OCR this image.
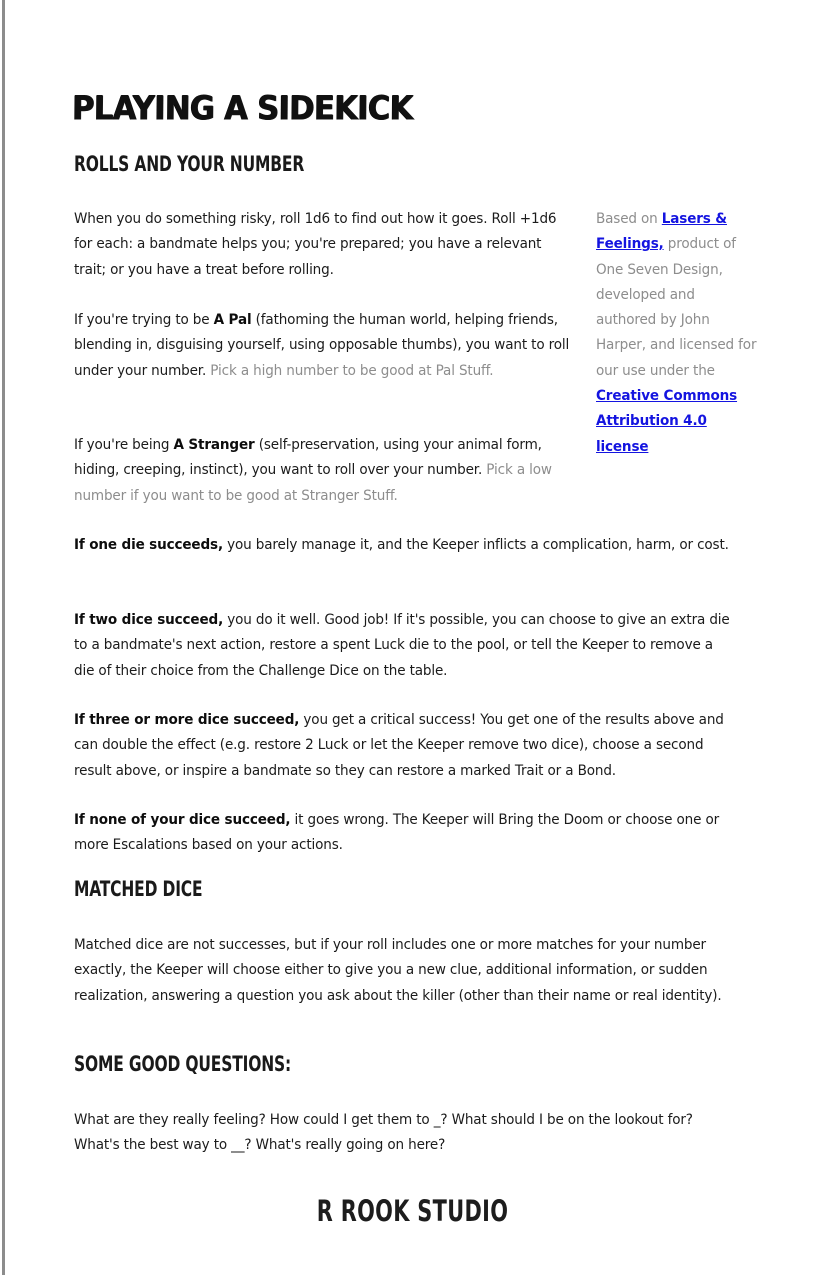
PLAYING A SIDEKICK
ROLLS AND YOUR NUMBER

When you do something risky, roll 1d6 to find out how it goes. Roll +1d6 for each: a bandmate helps you; you're prepared; you have a relevant trait; or you have a treat before rolling.

If you're trying to be A Pal (fathoming the human world, helping friends, blending in, disguising yourself, using opposable thumbs), you want to roll under your number. Pick a high number to be good at Pal Stuff.

If you're being A Stranger (self-preservation, using your animal form, hiding, creeping, instinct), you want to roll over your number. Pick a low number if you want to be good at Stranger Stuff.

Based on Lasers & Feelings, product of One Seven Design, developed and authored by John Harper, and licensed for our use under the Creative Commons Attribution 4.0 license

If one die succeeds, you barely manage it, and the Keeper inflicts a complication, harm, or cost.

If two dice succeed, you do it well. Good job! If it's possible, you can choose to give an extra die to a bandmate's next action, restore a spent Luck die to the pool, or tell the Keeper to remove a die of their choice from the Challenge Dice on the table.

If three or more dice succeed, you get a critical success! You get one of the results above and can double the effect (e.g. restore 2 Luck or let the Keeper remove two dice), choose a second result above, or inspire a bandmate so they can restore a marked Trait or a Bond.

If none of your dice succeed, it goes wrong. The Keeper will Bring the Doom or choose one or more Escalations based on your actions.

MATCHED DICE

Matched dice are not successes, but if your roll includes one or more matches for your number exactly, the Keeper will choose either to give you a new clue, additional information, or sudden realization, answering a question you ask about the killer (other than their name or real identity).

SOME GOOD QUESTIONS:

What are they really feeling? How could I get them to _? What should I be on the lookout for? What's the best way to __? What's really going on here?

R ROOK STUDIO
